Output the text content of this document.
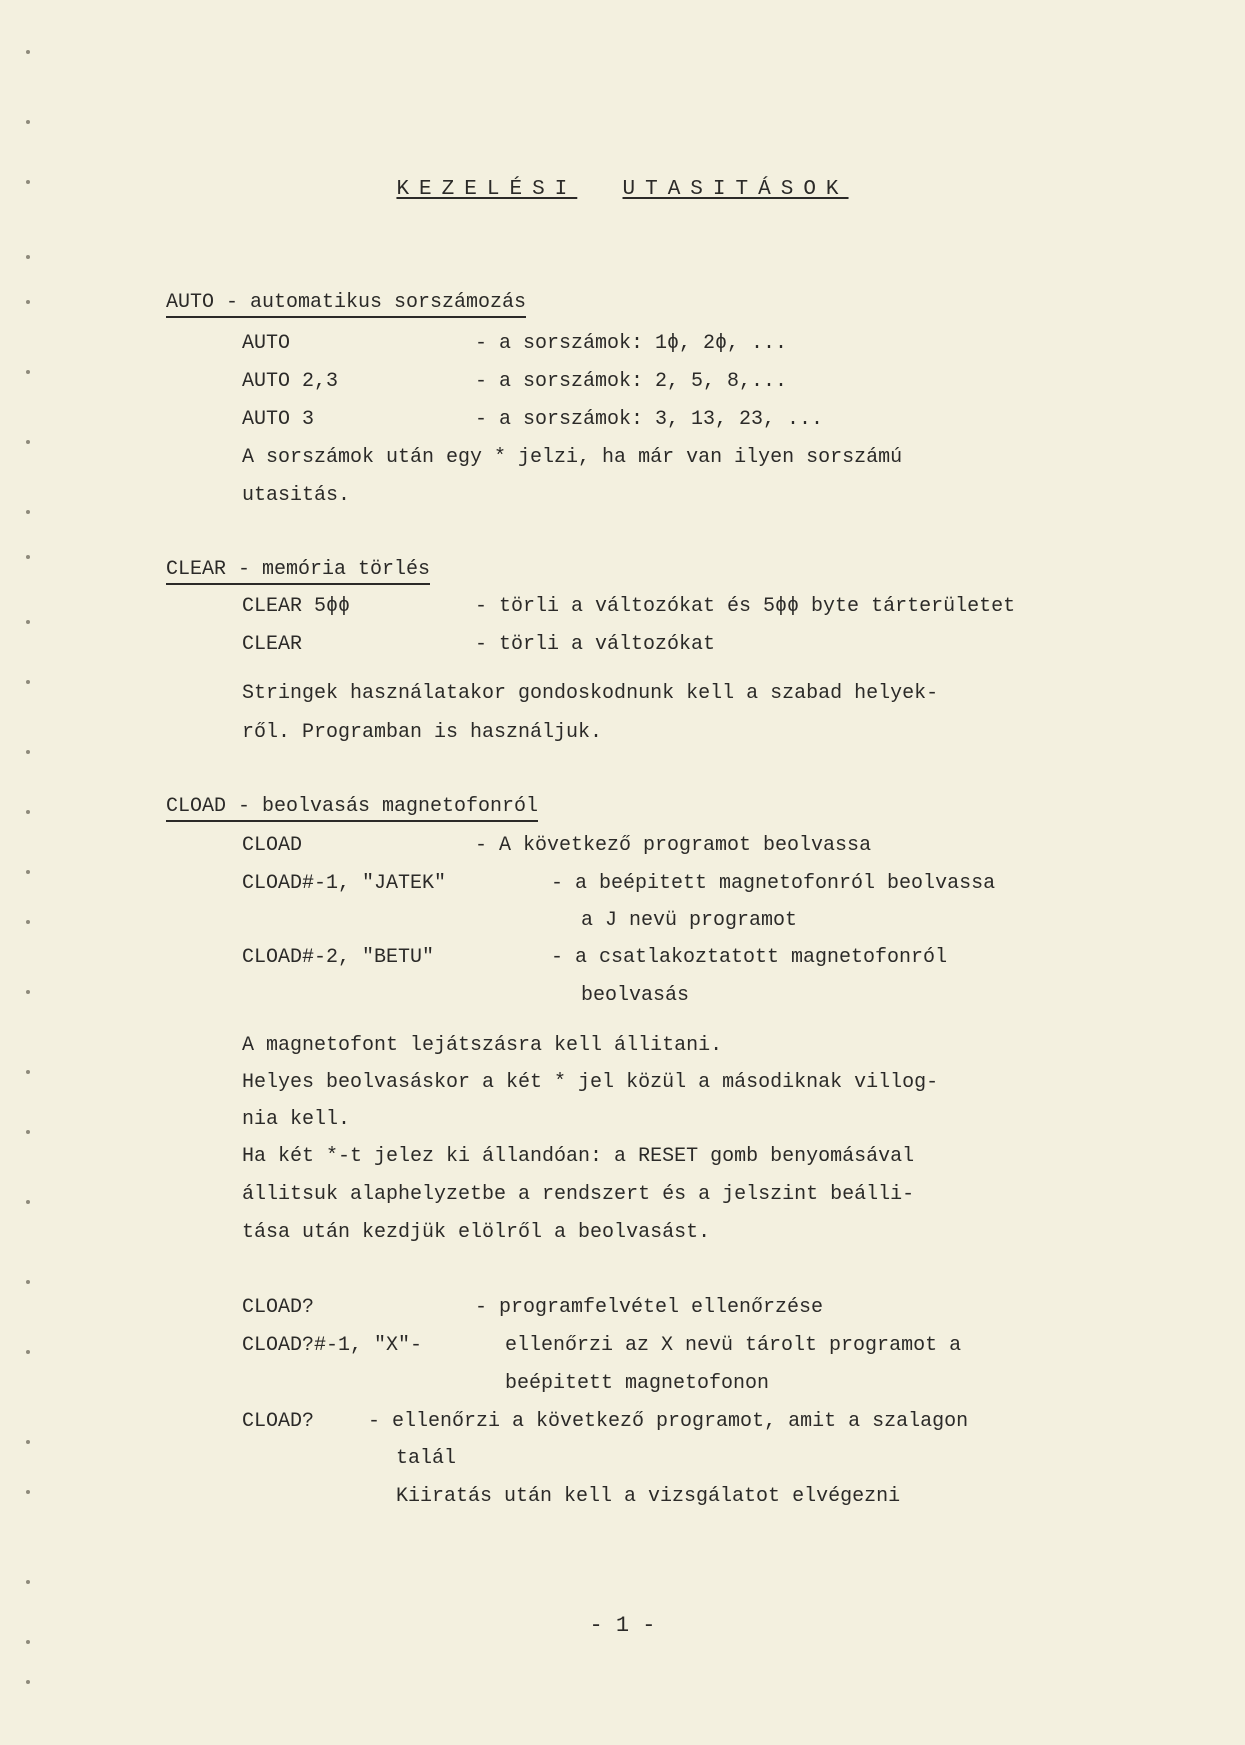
KEZELÉSI UTASITÁSOK
AUTO - automatikus sorszámozás
AUTO	- a sorszámok: 1ϕ, 2ϕ, ...
AUTO 2,3	- a sorszámok: 2, 5, 8,...
AUTO 3	- a sorszámok: 3, 13, 23, ...
A sorszámok után egy * jelzi, ha már van ilyen sorszámú
utasitás.
CLEAR - memória törlés
CLEAR 5ϕϕ	- törli a változókat és 5ϕϕ byte tárterületet
CLEAR	- törli a változókat
Stringek használatakor gondoskodnunk kell a szabad helyek-
ről. Programban is használjuk.
CLOAD - beolvasás magnetofonról
CLOAD	- A következő programot beolvassa
CLOAD#-1, "JATEK"	- a beépitett magnetofonról beolvassa
a J nevü programot
CLOAD#-2, "BETU"	- a csatlakoztatott magnetofonról
beolvasás
A magnetofont lejátszásra kell állitani.
Helyes beolvasáskor a két * jel közül a másodiknak villog-
nia kell.
Ha két *-t jelez ki állandóan: a RESET gomb benyomásával
állitsuk alaphelyzetbe a rendszert és a jelszint beálli-
tása után kezdjük elölről a beolvasást.
CLOAD?	- programfelvétel ellenőrzése
CLOAD?#-1, "X"-	ellenőrzi az X nevü tárolt programot a
beépitett magnetofonon
CLOAD?	- ellenőrzi a következő programot, amit a szalagon
talál
Kiiratás után kell a vizsgálatot elvégezni
- 1 -
